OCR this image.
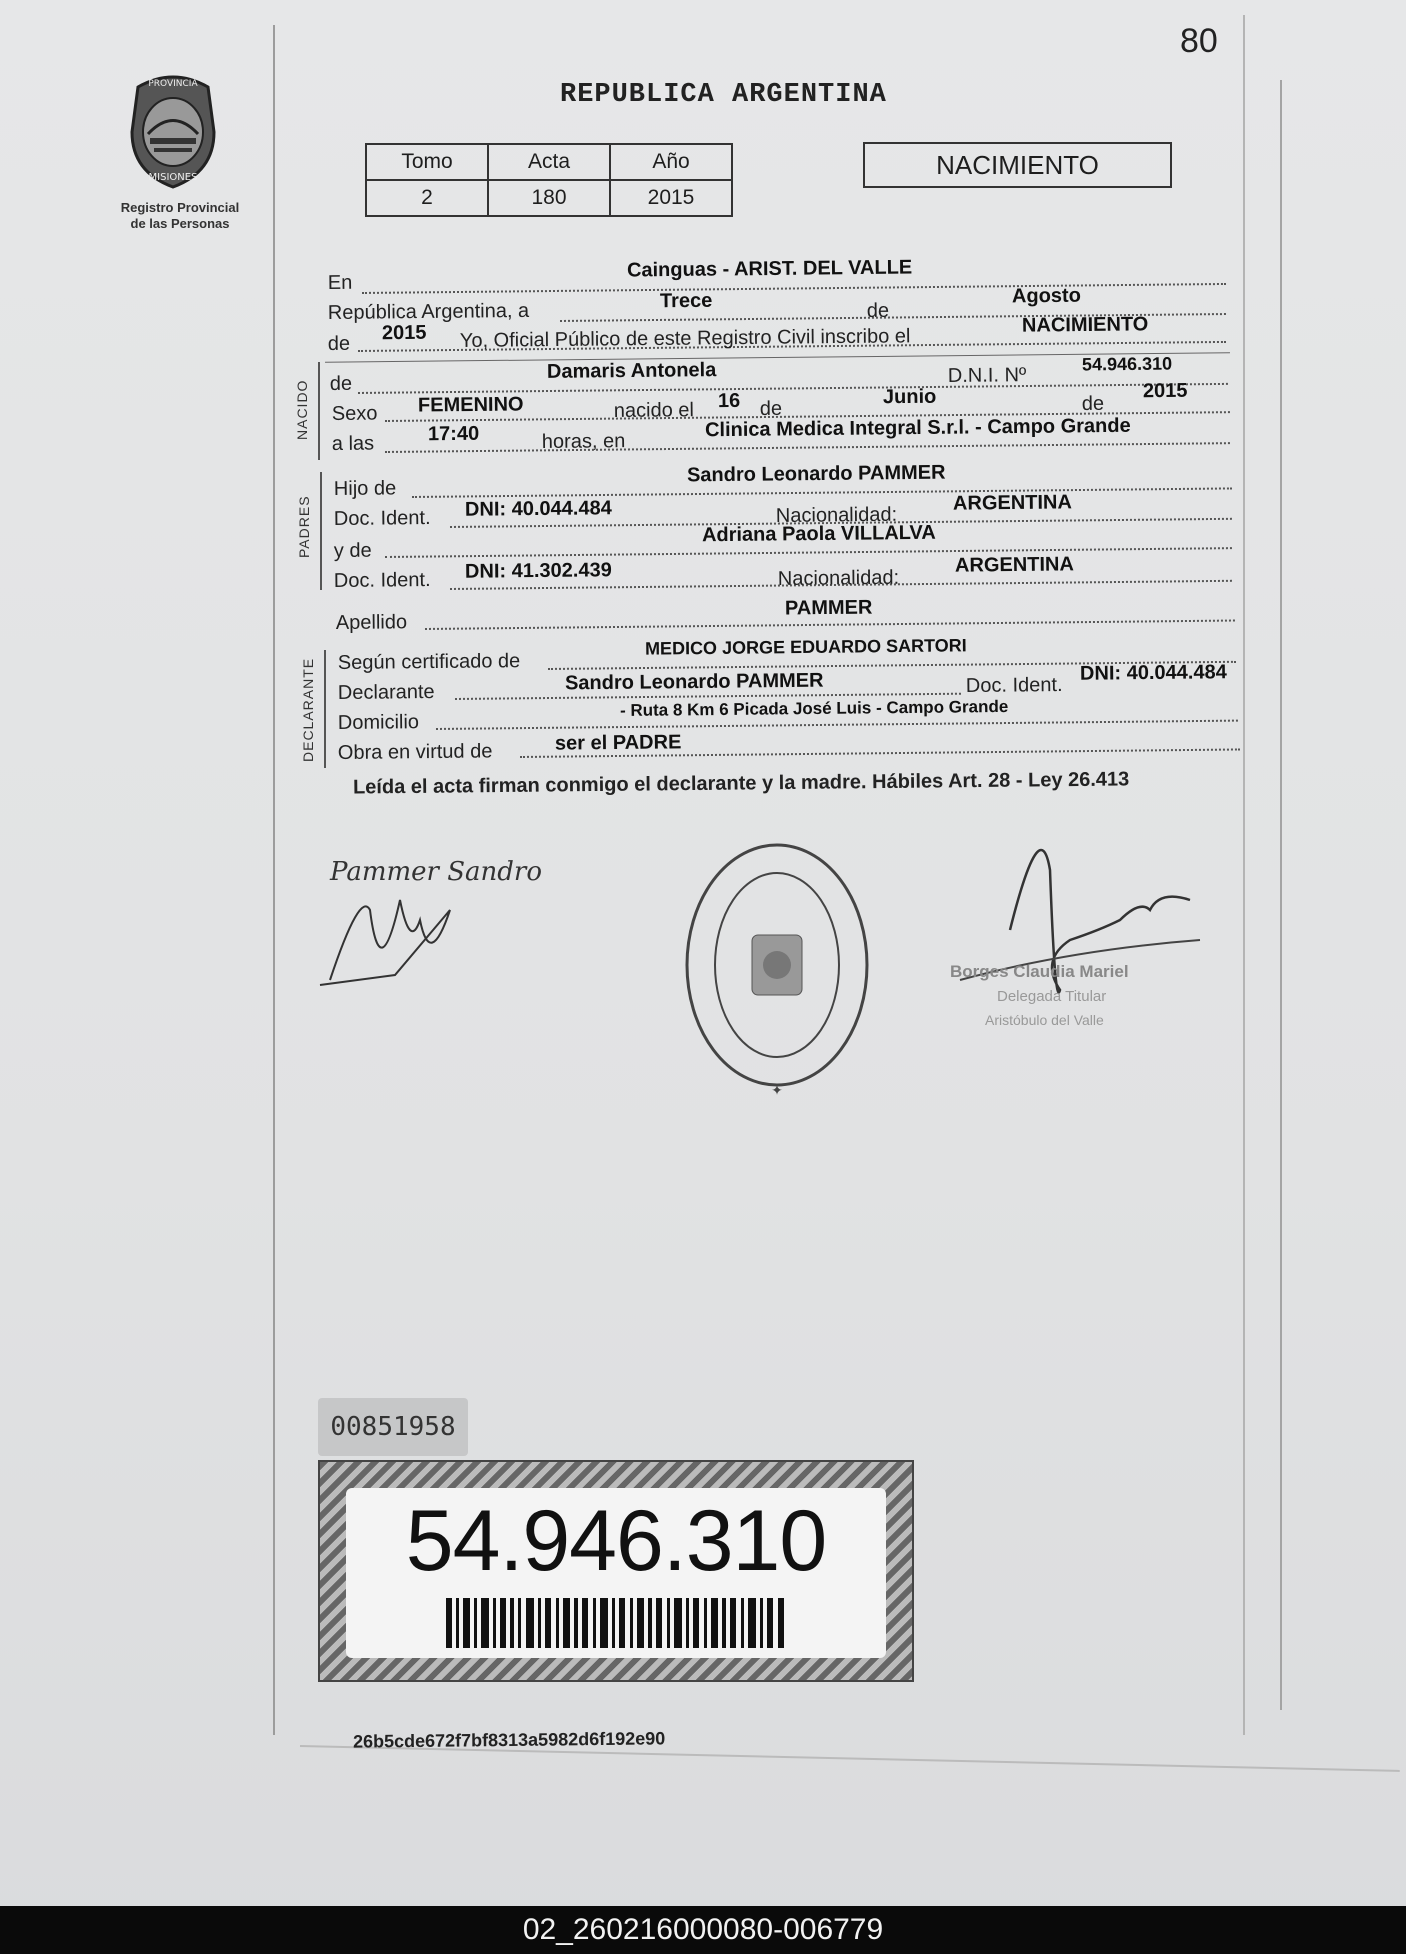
80
PROVINCIA
MISIONES
Registro Provincial
de las Personas
REPUBLICA ARGENTINA
Tomo	Acta	Año
2	180	2015
NACIMIENTO
En
Cainguas - ARIST. DEL VALLE
República Argentina, a	Trece	de
Agosto
de 2015 Yo, Oficial Público de este Registro Civil inscribo el
NACIMIENTO
NACIDO de
Damaris Antonela	D.N.I. Nº
54.946.310
Sexo FEMENINO	nacido el 16 de
Junio	de
2015
a las	17:40	horas, en
Clinica Medica Integral S.r.l. - Campo Grande
PADRES
Hijo de
Sandro Leonardo PAMMER
Doc. Ident. DNI: 40.044.484	Nacionalidad:
ARGENTINA
y de
Adriana Paola VILLALVA
Doc. Ident. DNI: 41.302.439	Nacionalidad:
ARGENTINA
Apellido
PAMMER
DECLARANTE Según certificado de
MEDICO JORGE EDUARDO SARTORI
Declarante	Sandro Leonardo PAMMER	Doc. Ident.
DNI: 40.044.484
Domicilio
- Ruta 8 Km 6 Picada José Luis - Campo Grande
Obra en virtud de	ser el PADRE
Leída el acta firman conmigo el declarante y la madre. Hábiles Art. 28 - Ley 26.413
Pammer Sandro
✦
Borges Claudia Mariel
Delegada Titular
Aristóbulo del Valle
00851958
54.946.310
26b5cde672f7bf8313a5982d6f192e90
02_260216000080-006779
